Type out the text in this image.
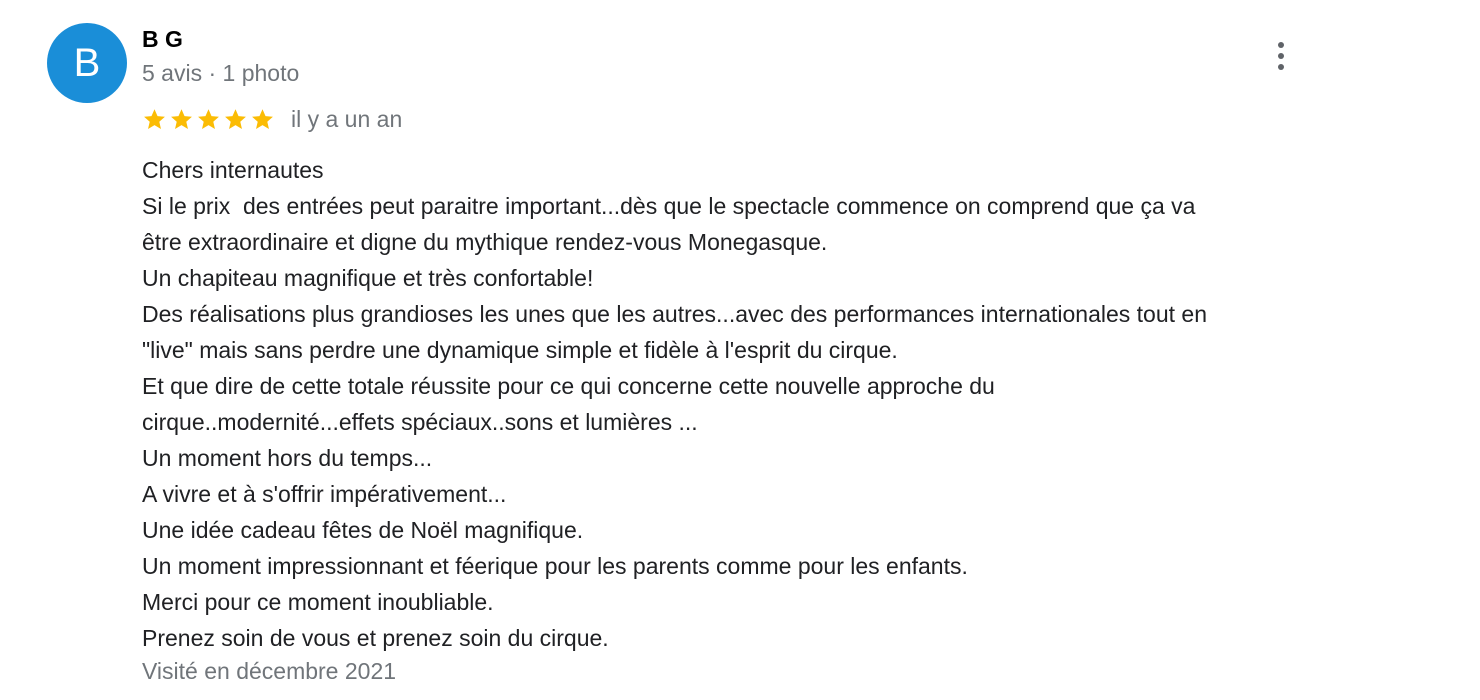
B
B G
5 avis · 1 photo
il y a un an
Chers internautes
Si le prix  des entrées peut paraitre important...dès que le spectacle commence on comprend que ça va
être extraordinaire et digne du mythique rendez-vous Monegasque.
Un chapiteau magnifique et très confortable!
Des réalisations plus grandioses les unes que les autres...avec des performances internationales tout en
"live" mais sans perdre une dynamique simple et fidèle à l'esprit du cirque.
Et que dire de cette totale réussite pour ce qui concerne cette nouvelle approche du
cirque..modernité...effets spéciaux..sons et lumières ...
Un moment hors du temps...
A vivre et à s'offrir impérativement...
Une idée cadeau fêtes de Noël magnifique.
Un moment impressionnant et féerique pour les parents comme pour les enfants.
Merci pour ce moment inoubliable.
Prenez soin de vous et prenez soin du cirque.
Visité en décembre 2021
